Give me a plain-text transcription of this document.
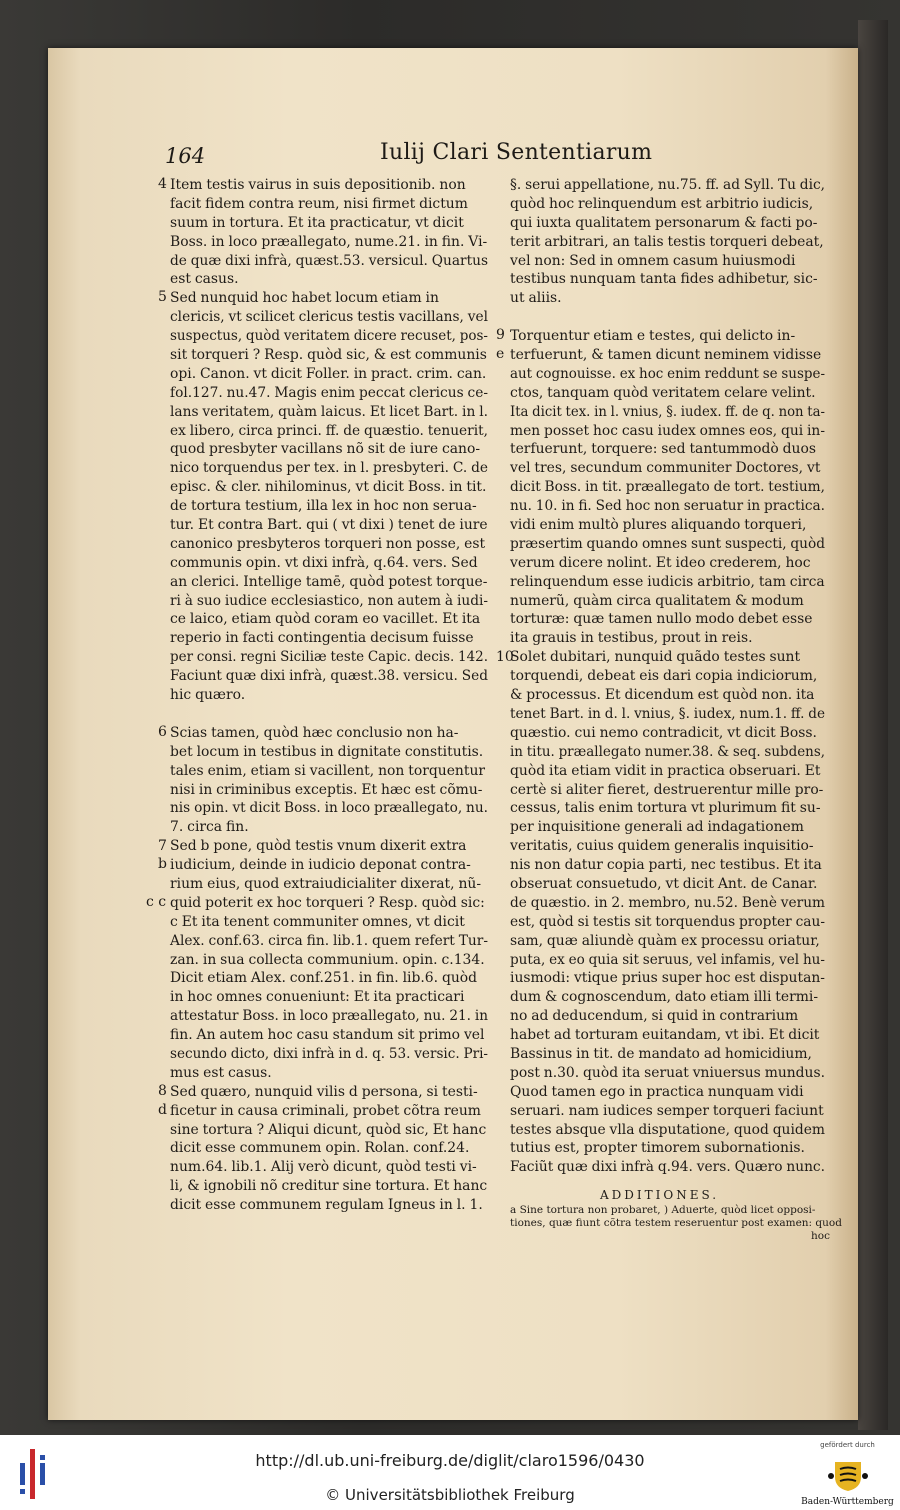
164	Iulij Clari Sententiarum
Item testis vairus in suis depositionib. non
facit fidem contra reum, nisi firmet dictum
suum in tortura. Et ita practicatur, vt dicit
Boss. in loco præallegato, nume.21. in fin. Vi-
de quæ dixi infrà, quæst.53. versicul. Quartus
est casus.
Sed nunquid hoc habet locum etiam in
clericis, vt scilicet clericus testis vacillans, vel
suspectus, quòd veritatem dicere recuset, pos-
sit torqueri ? Resp. quòd sic, & est communis
opi. Canon. vt dicit Foller. in pract. crim. can.
fol.127. nu.47. Magis enim peccat clericus ce-
lans veritatem, quàm laicus. Et licet Bart. in l.
ex libero, circa princi. ff. de quæstio. tenuerit,
quod presbyter vacillans nõ sit de iure cano-
nico torquendus per tex. in l. presbyteri. C. de
episc. & cler. nihilominus, vt dicit Boss. in tit.
de tortura testium, illa lex in hoc non serua-
tur. Et contra Bart. qui ( vt dixi ) tenet de iure
canonico presbyteros torqueri non posse, est
communis opin. vt dixi infrà, q.64. vers. Sed
an clerici. Intellige tamē, quòd potest torque-
ri à suo iudice ecclesiastico, non autem à iudi-
ce laico, etiam quòd coram eo vacillet. Et ita
reperio in facti contingentia decisum fuisse
per consi. regni Siciliæ teste Capic. decis. 142.
Faciunt quæ dixi infrà, quæst.38. versicu. Sed
hic quæro.
Scias tamen, quòd hæc conclusio non ha-
bet locum in testibus in dignitate constitutis.
tales enim, etiam si vacillent, non torquentur
nisi in criminibus exceptis. Et hæc est cõmu-
nis opin. vt dicit Boss. in loco præallegato, nu.
7. circa fin.
Sed b pone, quòd testis vnum dixerit extra
iudicium, deinde in iudicio deponat contra-
rium eius, quod extraiudicialiter dixerat, nũ-
quid poterit ex hoc torqueri ? Resp. quòd sic:
c Et ita tenent communiter omnes, vt dicit
Alex. conf.63. circa fin. lib.1. quem refert Tur-
zan. in sua collecta communium. opin. c.134.
Dicit etiam Alex. conf.251. in fin. lib.6. quòd
in hoc omnes conueniunt: Et ita practicari
attestatur Boss. in loco præallegato, nu. 21. in
fin. An autem hoc casu standum sit primo vel
secundo dicto, dixi infrà in d. q. 53. versic. Pri-
mus est casus.
Sed quæro, nunquid vilis d persona, si testi-
ficetur in causa criminali, probet cõtra reum
sine tortura ? Aliqui dicunt, quòd sic, Et hanc
dicit esse communem opin. Rolan. conf.24.
num.64. lib.1. Alij verò dicunt, quòd testi vi-
li, & ignobili nõ creditur sine tortura. Et hanc
dicit esse communem regulam Igneus in l. 1.
§. serui appellatione, nu.75. ff. ad Syll. Tu dic,
quòd hoc relinquendum est arbitrio iudicis,
qui iuxta qualitatem personarum & facti po-
terit arbitrari, an talis testis torqueri debeat,
vel non: Sed in omnem casum huiusmodi
testibus nunquam tanta fides adhibetur, sic-
ut aliis.
Torquentur etiam e testes, qui delicto in-
terfuerunt, & tamen dicunt neminem vidisse
aut cognouisse. ex hoc enim reddunt se suspe-
ctos, tanquam quòd veritatem celare velint.
Ita dicit tex. in l. vnius, §. iudex. ff. de q. non ta-
men posset hoc casu iudex omnes eos, qui in-
terfuerunt, torquere: sed tantummodò duos
vel tres, secundum communiter Doctores, vt
dicit Boss. in tit. præallegato de tort. testium,
nu. 10. in fi. Sed hoc non seruatur in practica.
vidi enim multò plures aliquando torqueri,
præsertim quando omnes sunt suspecti, quòd
verum dicere nolint. Et ideo crederem, hoc
relinquendum esse iudicis arbitrio, tam circa
numerũ, quàm circa qualitatem & modum
torturæ: quæ tamen nullo modo debet esse
ita grauis in testibus, prout in reis.
Solet dubitari, nunquid quãdo testes sunt
torquendi, debeat eis dari copia indiciorum,
& processus. Et dicendum est quòd non. ita
tenet Bart. in d. l. vnius, §. iudex, num.1. ff. de
quæstio. cui nemo contradicit, vt dicit Boss.
in titu. præallegato numer.38. & seq. subdens,
quòd ita etiam vidit in practica obseruari. Et
certè si aliter fieret, destruerentur mille pro-
cessus, talis enim tortura vt plurimum fit su-
per inquisitione generali ad indagationem
veritatis, cuius quidem generalis inquisitio-
nis non datur copia parti, nec testibus. Et ita
obseruat consuetudo, vt dicit Ant. de Canar.
de quæstio. in 2. membro, nu.52. Benè verum
est, quòd si testis sit torquendus propter cau-
sam, quæ aliundè quàm ex processu oriatur,
puta, ex eo quia sit seruus, vel infamis, vel hu-
iusmodi: vtique prius super hoc est disputan-
dum & cognoscendum, dato etiam illi termi-
no ad deducendum, si quid in contrarium
habet ad torturam euitandam, vt ibi. Et dicit
Bassinus in tit. de mandato ad homicidium,
post n.30. quòd ita seruat vniuersus mundus.
Quod tamen ego in practica nunquam vidi
seruari. nam iudices semper torqueri faciunt
testes absque vlla disputatione, quod quidem
tutius est, propter timorem subornationis.
Faciũt quæ dixi infrà q.94. vers. Quæro nunc.
4
5
6
7
b
c c
8
d
9
e
10
ADDITIONES.
a Sine tortura non probaret, ) Aduerte, quòd licet opposi-
tiones, quæ fiunt cõtra testem reseruentur post examen: quod
hoc
http://dl.ub.uni-freiburg.de/diglit/claro1596/0430
© Universitätsbibliothek Freiburg
gefördert durch
Baden-Württemberg
